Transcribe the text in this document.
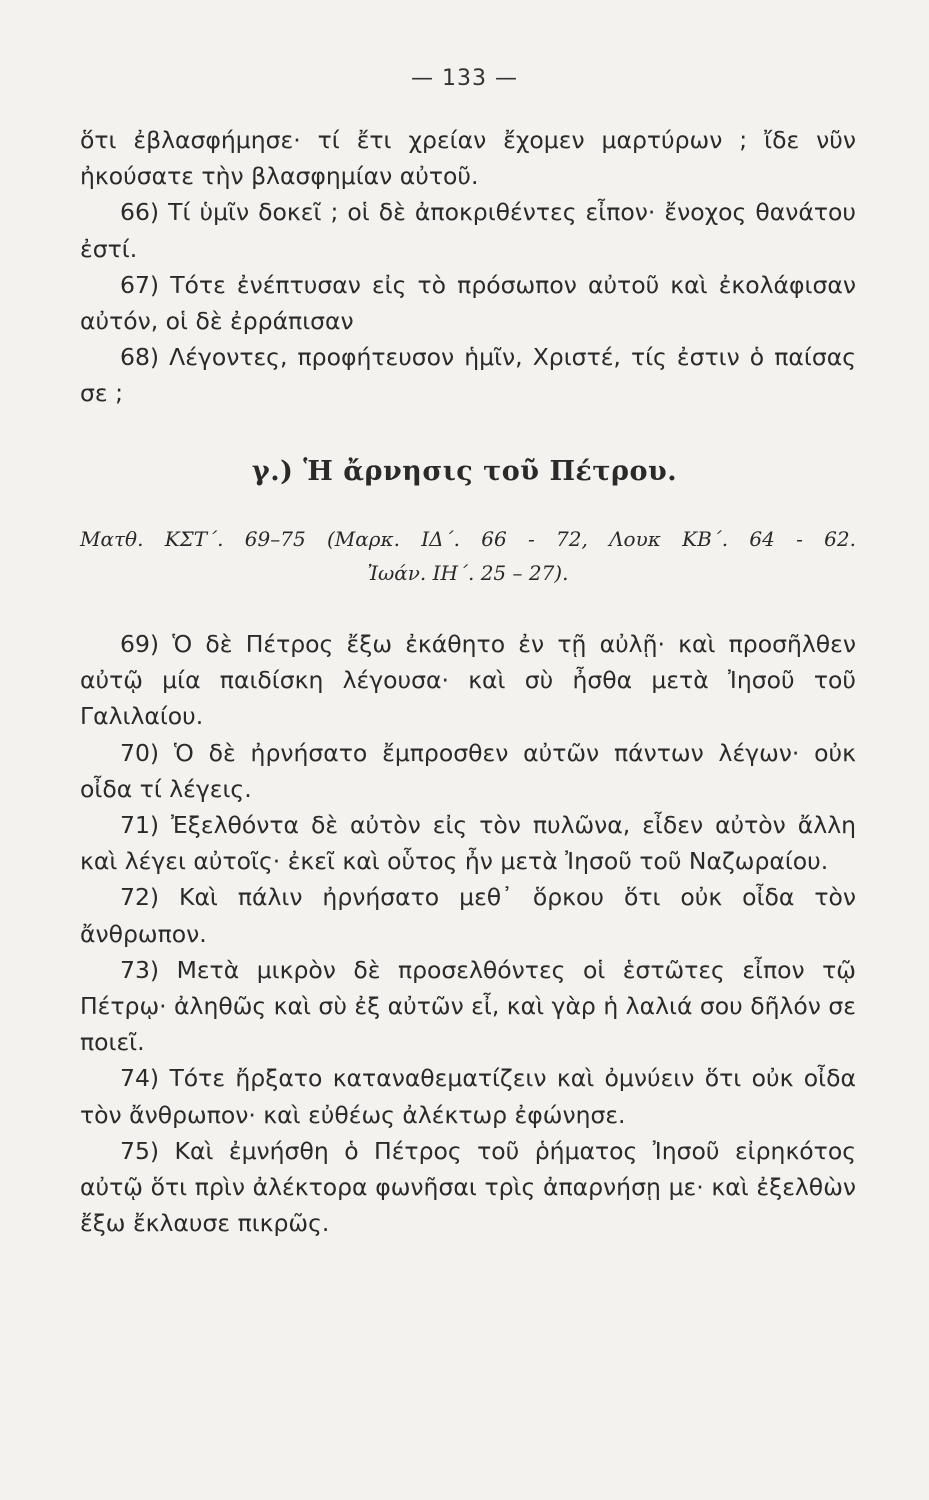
— 133 —

ὅτι ἐβλασφήμησε· τί ἔτι χρείαν ἔχομεν μαρτύρων ; ἴδε νῦν ἠκούσατε τὴν βλασφημίαν αὐτοῦ.

66) Τί ὑμῖν δοκεῖ ; οἱ δὲ ἀποκριθέντες εἶπον· ἔνοχος θανάτου ἐστί.

67) Τότε ἐνέπτυσαν εἰς τὸ πρόσωπον αὐτοῦ καὶ ἐκολάφισαν αὐτόν, οἱ δὲ ἐρράπισαν

68) Λέγοντες, προφήτευσον ἡμῖν, Χριστέ, τίς ἐστιν ὁ παίσας σε ;

γ.) Ἡ ἄρνησις τοῦ Πέτρου.
Ματθ. ΚΣΤ΄. 69–75 (Μαρκ. ΙΔ΄. 66 - 72, Λουκ ΚΒ΄. 64 - 62.
Ἰωάν. ΙΗ΄. 25 – 27).

69) Ὁ δὲ Πέτρος ἔξω ἐκάθητο ἐν τῇ αὐλῇ· καὶ προσῆλθεν αὐτῷ μία παιδίσκη λέγουσα· καὶ σὺ ἦσθα μετὰ Ἰησοῦ τοῦ Γαλιλαίου.

70) Ὁ δὲ ἠρνήσατο ἔμπροσθεν αὐτῶν πάντων λέγων· οὐκ οἶδα τί λέγεις.

71) Ἐξελθόντα δὲ αὐτὸν εἰς τὸν πυλῶνα, εἶδεν αὐτὸν ἄλλη καὶ λέγει αὐτοῖς· ἐκεῖ καὶ οὗτος ἦν μετὰ Ἰησοῦ τοῦ Ναζωραίου.

72) Καὶ πάλιν ἠρνήσατο μεθ᾽ ὅρκου ὅτι οὐκ οἶδα τὸν ἄνθρωπον.

73) Μετὰ μικρὸν δὲ προσελθόντες οἱ ἑστῶτες εἶπον τῷ Πέτρῳ· ἀληθῶς καὶ σὺ ἐξ αὐτῶν εἶ, καὶ γὰρ ἡ λαλιά σου δῆλόν σε ποιεῖ.

74) Τότε ἤρξατο καταναθεματίζειν καὶ ὀμνύειν ὅτι οὐκ οἶδα τὸν ἄνθρωπον· καὶ εὐθέως ἀλέκτωρ ἐφώνησε.

75) Καὶ ἐμνήσθη ὁ Πέτρος τοῦ ῥήματος Ἰησοῦ εἰρηκότος αὐτῷ ὅτι πρὶν ἀλέκτορα φωνῆσαι τρὶς ἀπαρνήσῃ με· καὶ ἐξελθὼν ἔξω ἔκλαυσε πικρῶς.
